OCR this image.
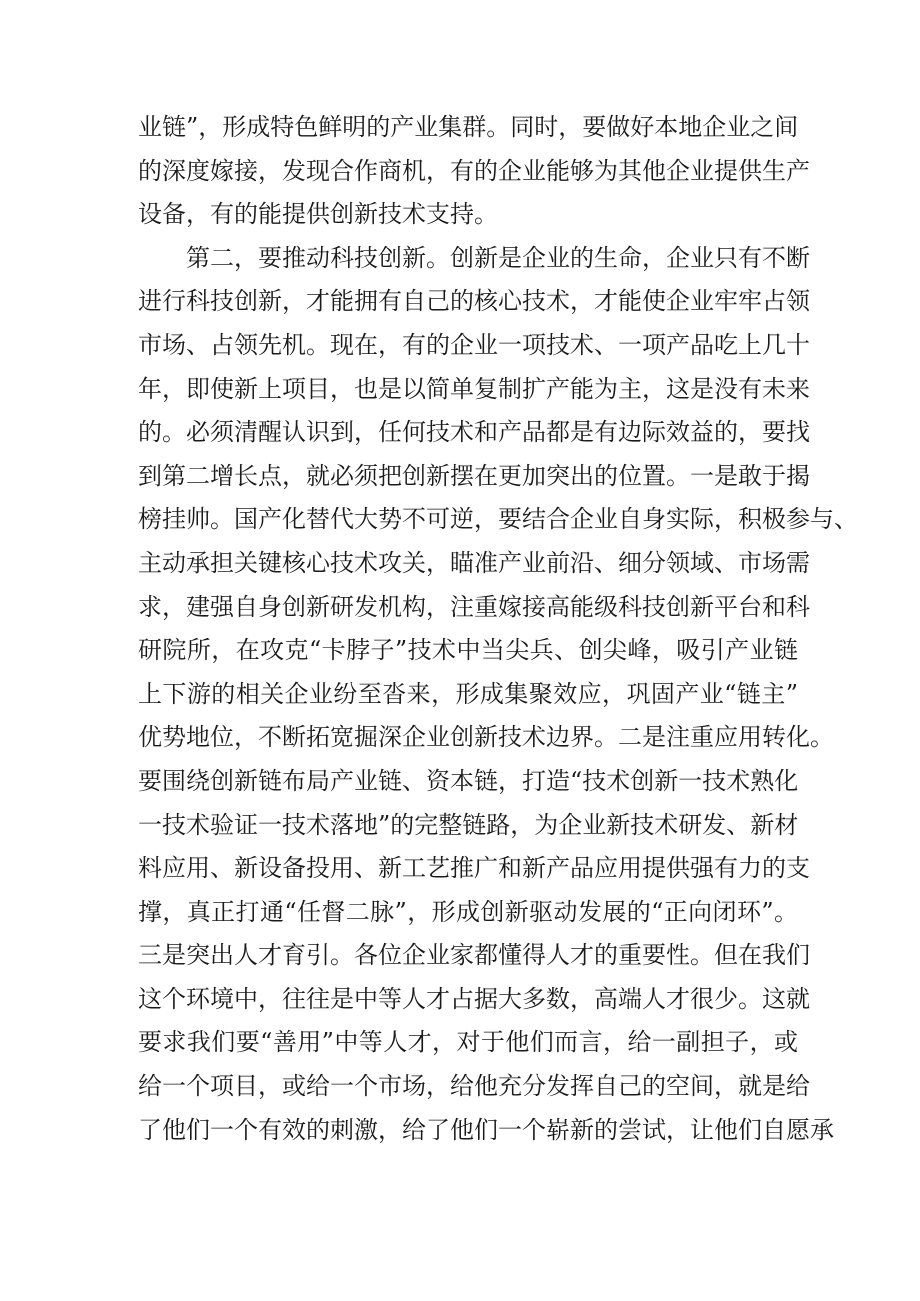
业链”，形成特色鲜明的产业集群。同时，要做好本地企业之间
的深度嫁接，发现合作商机，有的企业能够为其他企业提供生产
设备，有的能提供创新技术支持。
第二，要推动科技创新。创新是企业的生命，企业只有不断
进行科技创新，才能拥有自己的核心技术，才能使企业牢牢占领
市场、占领先机。现在，有的企业一项技术、一项产品吃上几十
年，即使新上项目，也是以简单复制扩产能为主，这是没有未来
的。必须清醒认识到，任何技术和产品都是有边际效益的，要找
到第二增长点，就必须把创新摆在更加突出的位置。一是敢于揭
榜挂帅。国产化替代大势不可逆，要结合企业自身实际，积极参与、
主动承担关键核心技术攻关，瞄准产业前沿、细分领域、市场需
求，建强自身创新研发机构，注重嫁接高能级科技创新平台和科
研院所，在攻克“卡脖子”技术中当尖兵、创尖峰，吸引产业链
上下游的相关企业纷至沓来，形成集聚效应，巩固产业“链主”
优势地位，不断拓宽掘深企业创新技术边界。二是注重应用转化。
要围绕创新链布局产业链、资本链，打造“技术创新一技术熟化
一技术验证一技术落地”的完整链路，为企业新技术研发、新材
料应用、新设备投用、新工艺推广和新产品应用提供强有力的支
撑，真正打通“任督二脉”，形成创新驱动发展的“正向闭环”。
三是突出人才育引。各位企业家都懂得人才的重要性。但在我们
这个环境中，往往是中等人才占据大多数，高端人才很少。这就
要求我们要“善用”中等人才，对于他们而言，给一副担子，或
给一个项目，或给一个市场，给他充分发挥自己的空间，就是给
了他们一个有效的刺激，给了他们一个崭新的尝试，让他们自愿承
